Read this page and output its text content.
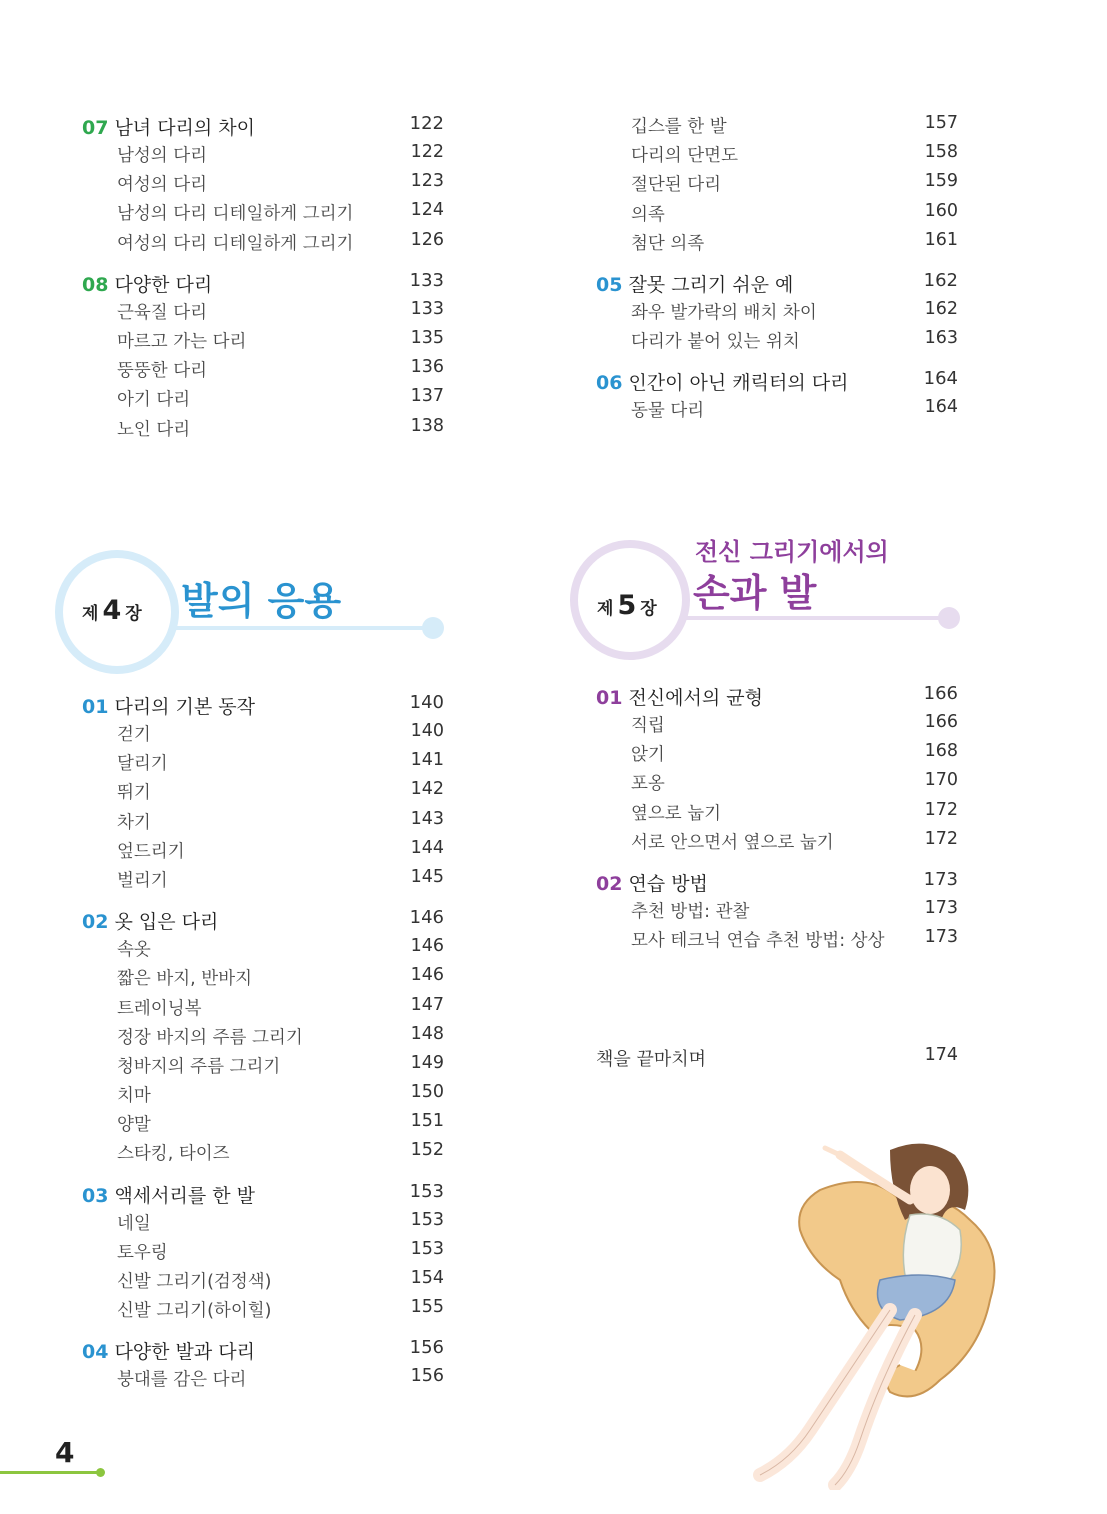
07 남녀 다리의 차이	122
남성의 다리	122
여성의 다리	123
남성의 다리 디테일하게 그리기	124
여성의 다리 디테일하게 그리기	126
08 다양한 다리	133
근육질 다리	133
마르고 가는 다리	135
뚱뚱한 다리	136
아기 다리	137
노인 다리	138
깁스를 한 발	157
다리의 단면도	158
절단된 다리	159
의족	160
첨단 의족	161
05 잘못 그리기 쉬운 예	162
좌우 발가락의 배치 차이	162
다리가 붙어 있는 위치	163
06 인간이 아닌 캐릭터의 다리	164
동물 다리	164
제 4 장 발의 응용	제 5 장
전신 그리기에서의
손과 발
01 다리의 기본 동작	140
걷기	140
달리기	141
뛰기	142
차기	143
엎드리기	144
벌리기	145
02 옷 입은 다리	146
속옷	146
짧은 바지, 반바지	146
트레이닝복	147
정장 바지의 주름 그리기	148
청바지의 주름 그리기	149
치마	150
양말	151
스타킹, 타이즈	152
03 액세서리를 한 발	153
네일	153
토우링	153
신발 그리기(검정색)	154
신발 그리기(하이힐)	155
04 다양한 발과 다리	156
붕대를 감은 다리	156
01 전신에서의 균형	166
직립	166
앉기	168
포옹	170
옆으로 눕기	172
서로 안으면서 옆으로 눕기	172
02 연습 방법	173
추천 방법: 관찰	173
모사 테크닉 연습 추천 방법: 상상 173
책을 끝마치며	174
4
